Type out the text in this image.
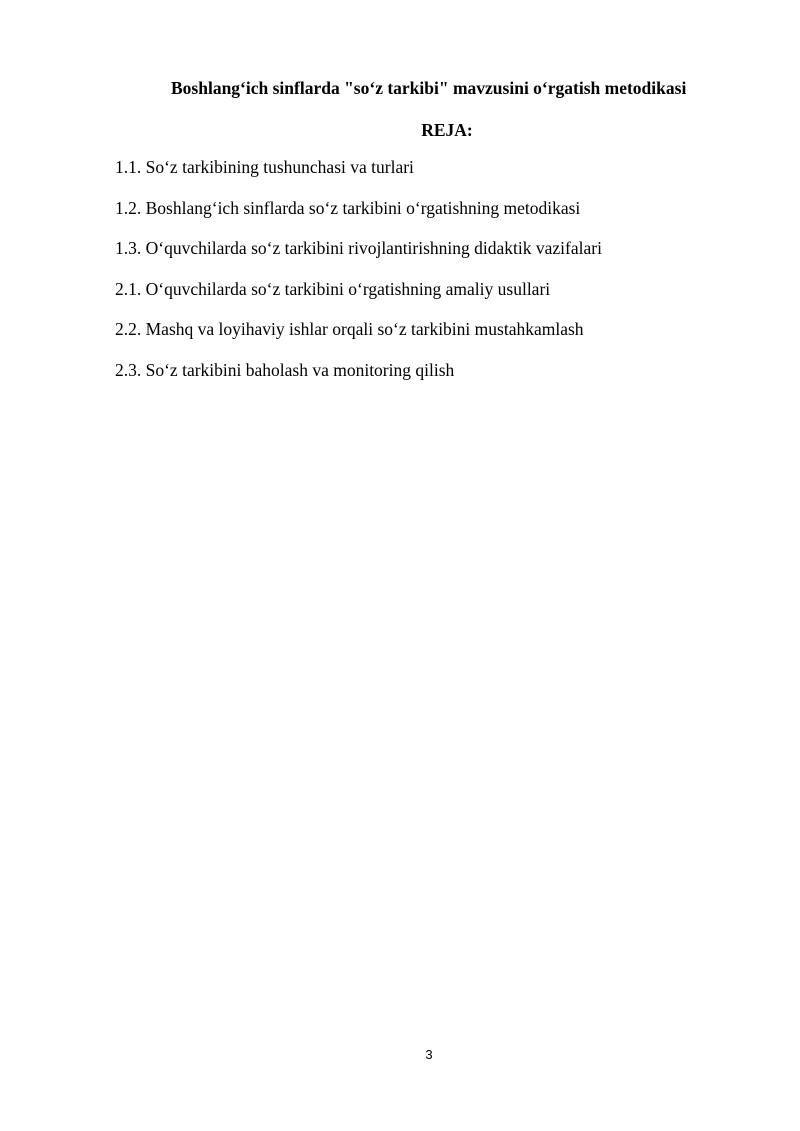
Boshlang‘ich sinflarda "so‘z tarkibi" mavzusini o‘rgatish metodikasi
REJA:
1.1. So‘z tarkibining tushunchasi va turlari
1.2. Boshlang‘ich sinflarda so‘z tarkibini o‘rgatishning metodikasi
1.3. O‘quvchilarda so‘z tarkibini rivojlantirishning didaktik vazifalari
2.1. O‘quvchilarda so‘z tarkibini o‘rgatishning amaliy usullari
2.2. Mashq va loyihaviy ishlar orqali so‘z tarkibini mustahkamlash
2.3. So‘z tarkibini baholash va monitoring qilish
3
